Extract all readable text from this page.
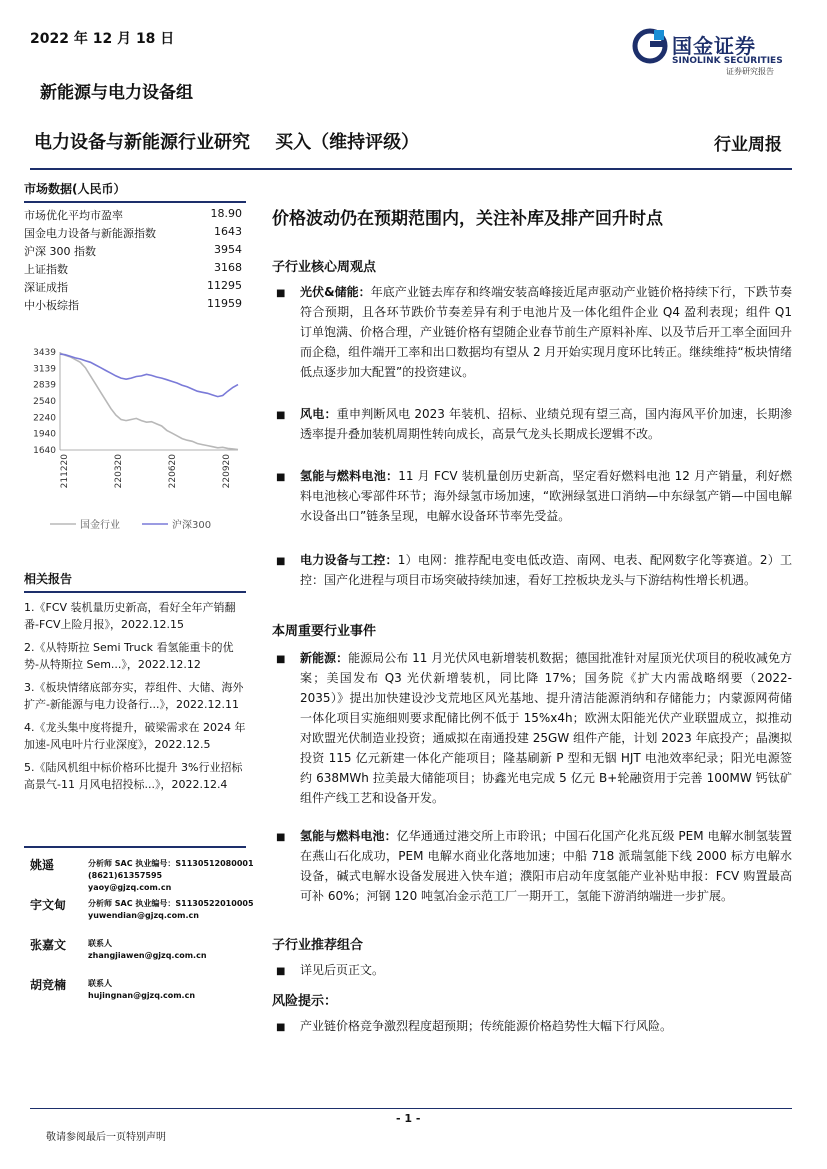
2022 年 12 月 18 日	国金证券
SINOLINK SECURITIES
证券研究报告
新能源与电力设备组
电力设备与新能源行业研究    买入（维持评级）	行业周报
市场数据(人民币）
市场优化平均市盈率	18.90
国金电力设备与新能源指数	1643
沪深 300 指数	3954
上证指数	3168
深证成指	11295
中小板综指	11959
3439
3139
2839
2540
2240
1940
1640
211220	220320	220620	220920
国金行业	沪深300
相关报告
1.《FCV 装机量历史新高，看好全年产销翻番-FCV上险月报》，2022.12.15
2.《从特斯拉 Semi Truck 看氢能重卡的优势-从特斯拉 Sem...》，2022.12.12
3.《板块情绪底部夯实，荐组件、大储、海外扩产-新能源与电力设备行...》，2022.12.11
4.《龙头集中度将提升，破梁需求在 2024 年加速-风电叶片行业深度》，2022.12.5
5.《陆风机组中标价格环比提升 3%行业招标高景气-11 月风电招投标...》，2022.12.4
姚遥	分析师 SAC 执业编号：S1130512080001
(8621)61357595
yaoy@gjzq.com.cn
宇文甸	分析师 SAC 执业编号：S1130522010005
yuwendian@gjzq.com.cn
张嘉文	联系人
zhangjiawen@gjzq.com.cn
胡竞楠	联系人
hujingnan@gjzq.com.cn
价格波动仍在预期范围内，关注补库及排产回升时点
子行业核心周观点
■ 光伏&储能：年底产业链去库存和终端安装高峰接近尾声驱动产业链价格持续下行，下跌节奏符合预期，且各环节跌价节奏差异有利于电池片及一体化组件企业 Q4 盈利表现；组件 Q1 订单饱满、价格合理，产业链价格有望随企业春节前生产原料补库、以及节后开工率全面回升而企稳，组件端开工率和出口数据均有望从 2 月开始实现月度环比转正。继续维持“板块情绪低点逐步加大配置”的投资建议。
■ 风电：重申判断风电 2023 年装机、招标、业绩兑现有望三高，国内海风平价加速，长期渗透率提升叠加装机周期性转向成长，高景气龙头长期成长逻辑不改。
■ 氢能与燃料电池：11 月 FCV 装机量创历史新高，坚定看好燃料电池 12 月产销量，利好燃料电池核心零部件环节；海外绿氢市场加速，“欧洲绿氢进口消纳—中东绿氢产销—中国电解水设备出口”链条呈现，电解水设备环节率先受益。
■ 电力设备与工控：1）电网：推荐配电变电低改造、南网、电表、配网数字化等赛道。2）工控：国产化进程与项目市场突破持续加速，看好工控板块龙头与下游结构性增长机遇。
本周重要行业事件
■ 新能源：能源局公布 11 月光伏风电新增装机数据；德国批准针对屋顶光伏项目的税收减免方案；美国发布 Q3 光伏新增装机，同比降 17%；国务院《扩大内需战略纲要（2022-2035）》提出加快建设沙戈荒地区风光基地、提升清洁能源消纳和存储能力；内蒙源网荷储一体化项目实施细则要求配储比例不低于 15%x4h；欧洲太阳能光伏产业联盟成立，拟推动对欧盟光伏制造业投资；通威拟在南通投建 25GW 组件产能，计划 2023 年底投产；晶澳拟投资 115 亿元新建一体化产能项目；隆基刷新 P 型和无铟 HJT 电池效率纪录；阳光电源签约 638MWh 拉美最大储能项目；协鑫光电完成 5 亿元 B+轮融资用于完善 100MW 钙钛矿组件产线工艺和设备开发。
■ 氢能与燃料电池：亿华通通过港交所上市聆讯；中国石化国产化兆瓦级 PEM 电解水制氢装置在燕山石化成功，PEM 电解水商业化落地加速；中船 718 派瑞氢能下线 2000 标方电解水设备，碱式电解水设备发展进入快车道；濮阳市启动年度氢能产业补贴申报：FCV 购置最高可补 60%；河钢 120 吨氢冶金示范工厂一期开工，氢能下游消纳端进一步扩展。
子行业推荐组合
■ 详见后页正文。
风险提示：
■ 产业链价格竞争激烈程度超预期；传统能源价格趋势性大幅下行风险。
- 1 -
敬请参阅最后一页特别声明
